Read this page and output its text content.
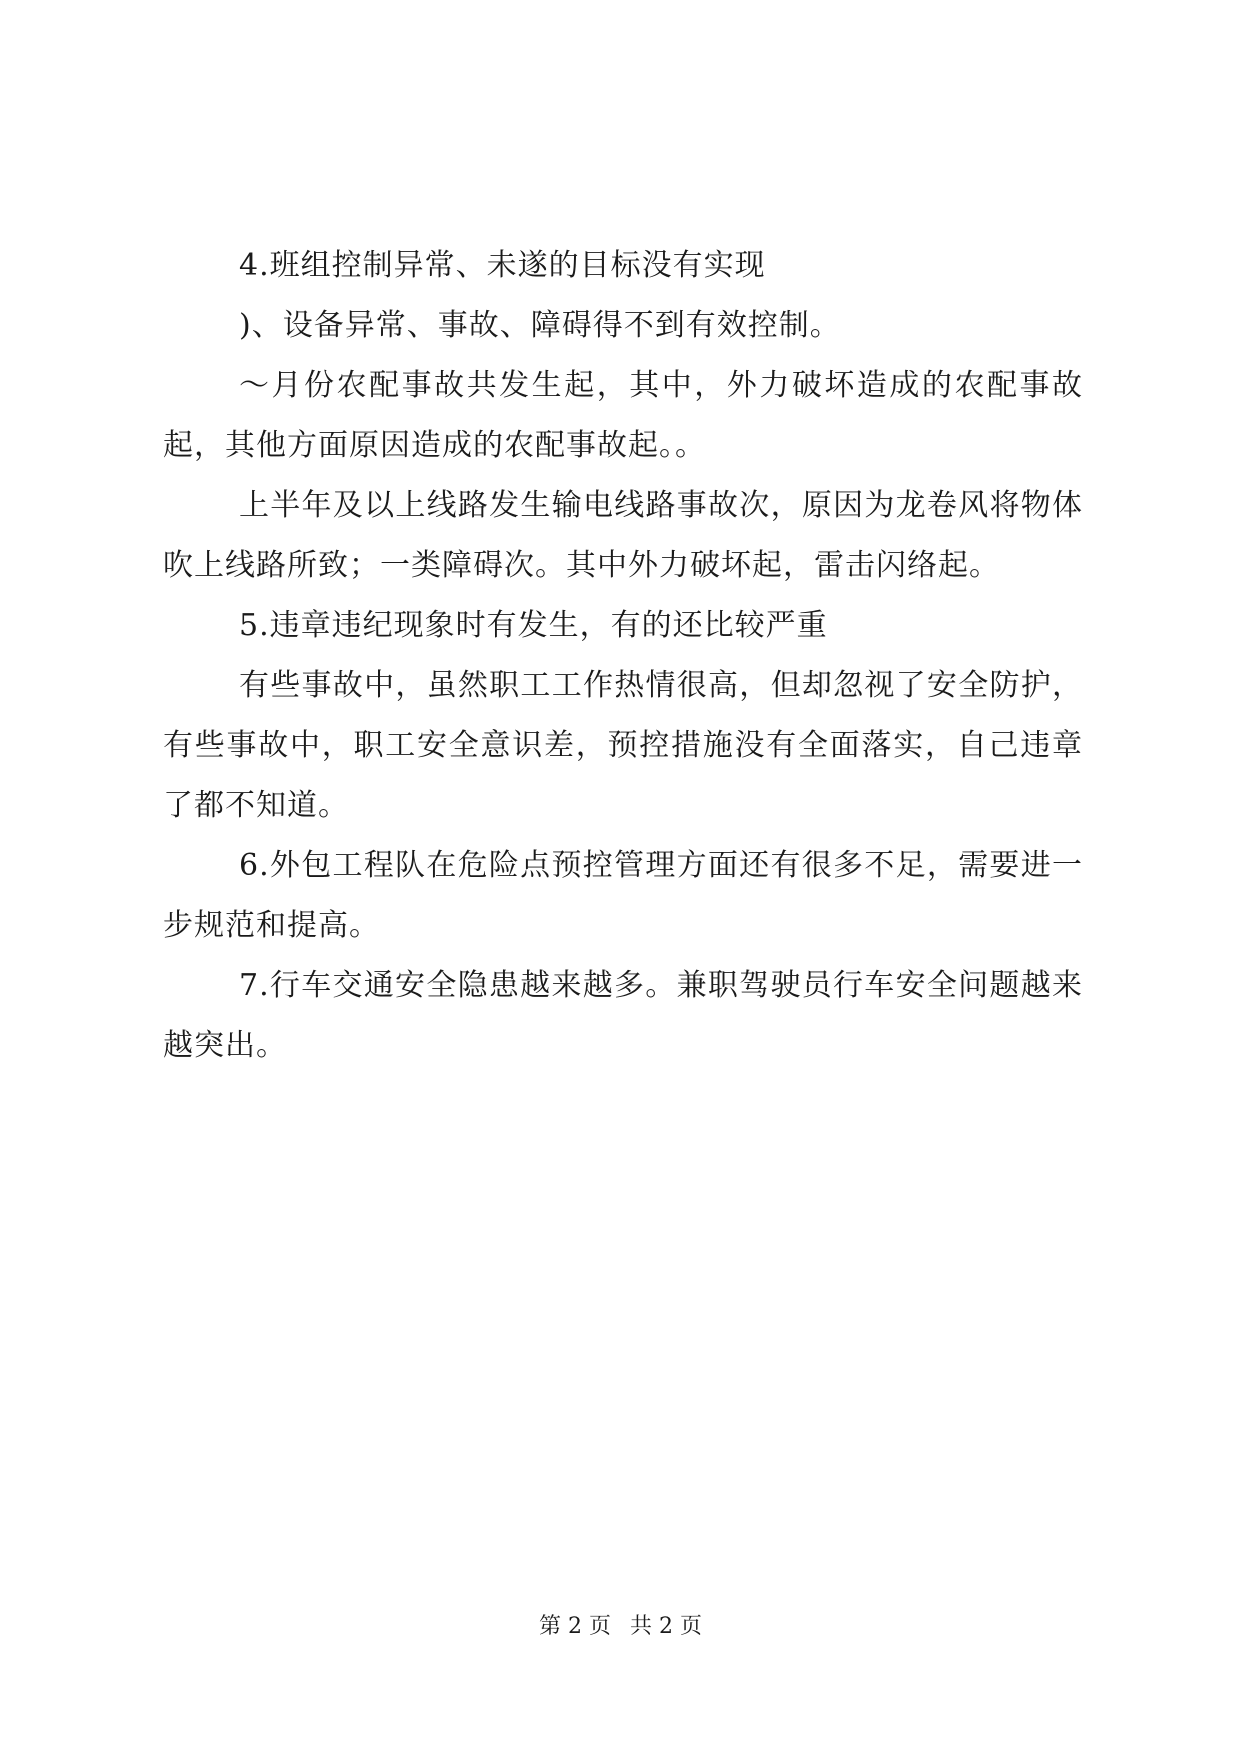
4.班组控制异常、未遂的目标没有实现

)、设备异常、事故、障碍得不到有效控制。

～月份农配事故共发生起，其中，外力破坏造成的农配事故起，其他方面原因造成的农配事故起。。

上半年及以上线路发生输电线路事故次，原因为龙卷风将物体吹上线路所致；一类障碍次。其中外力破坏起，雷击闪络起。

5.违章违纪现象时有发生，有的还比较严重

有些事故中，虽然职工工作热情很高，但却忽视了安全防护，有些事故中，职工安全意识差，预控措施没有全面落实，自己违章了都不知道。

6.外包工程队在危险点预控管理方面还有很多不足，需要进一步规范和提高。

7.行车交通安全隐患越来越多。兼职驾驶员行车安全问题越来越突出。

第 2 页 共 2 页
